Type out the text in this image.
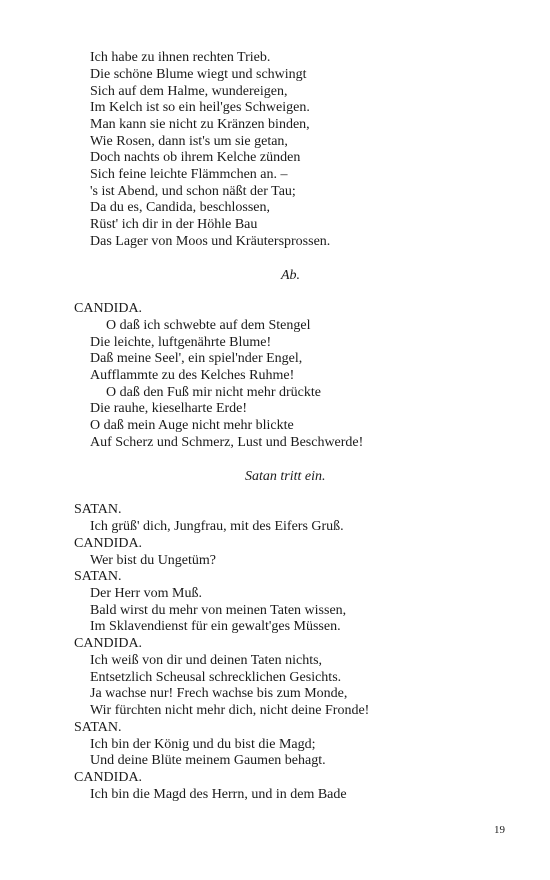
Ich habe zu ihnen rechten Trieb.
Die schöne Blume wiegt und schwingt
Sich auf dem Halme, wundereigen,
Im Kelch ist so ein heil'ges Schweigen.
Man kann sie nicht zu Kränzen binden,
Wie Rosen, dann ist's um sie getan,
Doch nachts ob ihrem Kelche zünden
Sich feine leichte Flämmchen an. –
's ist Abend, und schon näßt der Tau;
Da du es, Candida, beschlossen,
Rüst' ich dir in der Höhle Bau
Das Lager von Moos und Kräutersprossen.
Ab.
CANDIDA.
O daß ich schwebte auf dem Stengel
Die leichte, luftgenährte Blume!
Daß meine Seel', ein spiel'nder Engel,
Aufflammte zu des Kelches Ruhme!
O daß den Fuß mir nicht mehr drückte
Die rauhe, kieselharte Erde!
O daß mein Auge nicht mehr blickte
Auf Scherz und Schmerz, Lust und Beschwerde!
Satan tritt ein.
SATAN.
Ich grüß' dich, Jungfrau, mit des Eifers Gruß.
CANDIDA.
Wer bist du Ungetüm?
SATAN.
Der Herr vom Muß.
Bald wirst du mehr von meinen Taten wissen,
Im Sklavendienst für ein gewalt'ges Müssen.
CANDIDA.
Ich weiß von dir und deinen Taten nichts,
Entsetzlich Scheusal schrecklichen Gesichts.
Ja wachse nur! Frech wachse bis zum Monde,
Wir fürchten nicht mehr dich, nicht deine Fronde!
SATAN.
Ich bin der König und du bist die Magd;
Und deine Blüte meinem Gaumen behagt.
CANDIDA.
Ich bin die Magd des Herrn, und in dem Bade
19
